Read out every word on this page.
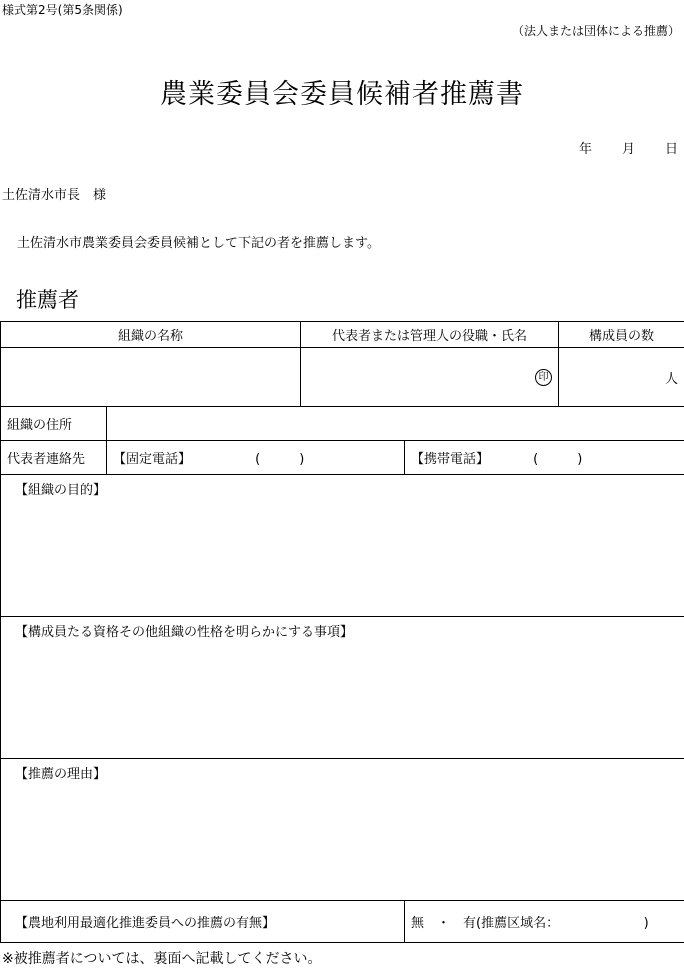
様式第2号(第5条関係)
（法人または団体による推薦）
農業委員会委員候補者推薦書
年 月 日
土佐清水市長　様
土佐清水市農業委員会委員候補として下記の者を推薦します。
推薦者
組織の名称		代表者または管理人の役職・氏名		構成員の数
		印		人
組織の住所				
代表者連絡先	【固定電話】 (　　　)		【携帯電話】 (　　　)	
【組織の目的】				
【構成員たる資格その他組織の性格を明らかにする事項】				
【推薦の理由】				
【農地利用最適化推進委員への推薦の有無】			無　・　有(推薦区域名：　　　　　　　)	
※被推薦者については、裏面へ記載してください。
